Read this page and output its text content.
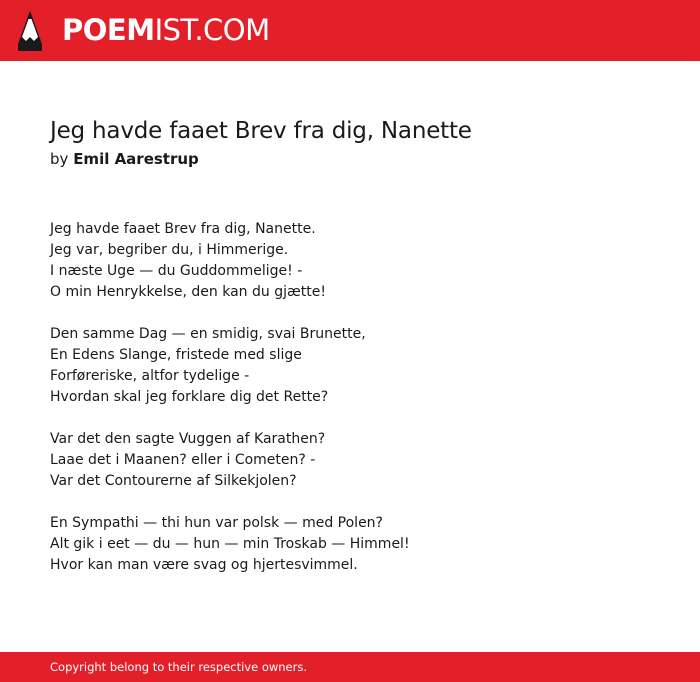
POEMIST.COM
Jeg havde faaet Brev fra dig, Nanette
by Emil Aarestrup
Jeg havde faaet Brev fra dig, Nanette.
Jeg var, begriber du, i Himmerige.
I næste Uge — du Guddommelige! -
O min Henrykkelse, den kan du gjætte!
Den samme Dag — en smidig, svai Brunette,
En Edens Slange, fristede med slige
Forføreriske, altfor tydelige -
Hvordan skal jeg forklare dig det Rette?
Var det den sagte Vuggen af Karathen?
Laae det i Maanen? eller i Cometen? -
Var det Contourerne af Silkekjolen?
En Sympathi — thi hun var polsk — med Polen?
Alt gik i eet — du — hun — min Troskab — Himmel!
Hvor kan man være svag og hjertesvimmel.
Copyright belong to their respective owners.
